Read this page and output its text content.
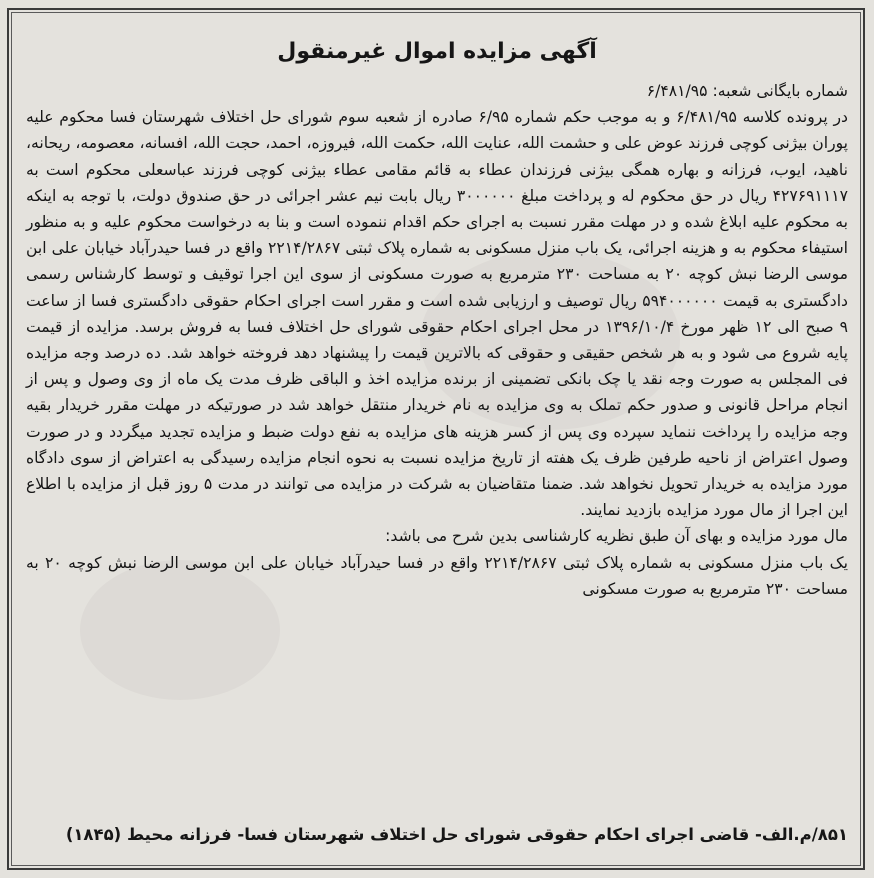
آگهی مزایده اموال غیرمنقول

شماره بایگانی شعبه: ۶/۴۸۱/۹۵

در پرونده کلاسه ۶/۴۸۱/۹۵ و به موجب حکم شماره ۶/۹۵ صادره از شعبه سوم شورای حل اختلاف شهرستان فسا محکوم علیه پوران بیژنی کوچی فرزند عوض علی و حشمت الله، عنایت الله، حکمت الله، فیروزه، احمد، حجت الله، افسانه، معصومه، ریحانه، ناهید، ایوب، فرزانه و بهاره همگی بیژنی فرزندان عطاء به قائم مقامی عطاء بیژنی کوچی فرزند عباسعلی محکوم است به ۴۲۷۶۹۱۱۱۷ ریال در حق محکوم له و پرداخت مبلغ ۳۰۰۰۰۰۰ ریال بابت نیم عشر اجرائی در حق صندوق دولت، با توجه به اینکه به محکوم علیه ابلاغ شده و در مهلت مقرر نسبت به اجرای حکم اقدام ننموده است و بنا به درخواست محکوم علیه و به منظور استیفاء محکوم به و هزینه اجرائی، یک باب منزل مسکونی به شماره پلاک ثبتی ۲۲۱۴/۲۸۶۷ واقع در فسا حیدرآباد خیابان علی ابن موسی الرضا نبش کوچه ۲۰ به مساحت ۲۳۰ مترمربع به صورت مسکونی از سوی این اجرا توقیف و توسط کارشناس رسمی دادگستری به قیمت ۵۹۴۰۰۰۰۰۰ ریال توصیف و ارزیابی شده است و مقرر است اجرای احکام حقوقی دادگستری فسا از ساعت ۹ صبح الی ۱۲ ظهر مورخ ۱۳۹۶/۱۰/۴ در محل اجرای احکام حقوقی شورای حل اختلاف فسا به فروش برسد. مزایده از قیمت پایه شروع می شود و به هر شخص حقیقی و حقوقی که بالاترین قیمت را پیشنهاد دهد فروخته خواهد شد. ده درصد وجه مزایده فی المجلس به صورت وجه نقد یا چک بانکی تضمینی از برنده مزایده اخذ و الباقی ظرف مدت یک ماه از وی وصول و پس از انجام مراحل قانونی و صدور حکم تملک به وی مزایده به نام خریدار منتقل خواهد شد در صورتیکه در مهلت مقرر خریدار بقیه وجه مزایده را پرداخت ننماید سپرده وی پس از کسر هزینه های مزایده به نفع دولت ضبط و مزایده تجدید میگردد و در صورت وصول اعتراض از ناحیه طرفین ظرف یک هفته از تاریخ مزایده نسبت به نحوه انجام مزایده رسیدگی به اعتراض از سوی دادگاه مورد مزایده به خریدار تحویل نخواهد شد. ضمنا متقاضیان به شرکت در مزایده می توانند در مدت ۵ روز قبل از مزایده با اطلاع این اجرا از مال مورد مزایده بازدید نمایند.

مال مورد مزایده و بهای آن طبق نظریه کارشناسی بدین شرح می باشد:

یک باب منزل مسکونی به شماره پلاک ثبتی ۲۲۱۴/۲۸۶۷ واقع در فسا حیدرآباد خیابان علی ابن موسی الرضا نبش کوچه ۲۰ به مساحت ۲۳۰ مترمربع به صورت مسکونی

۸۵۱/م.الف- قاضی اجرای احکام حقوقی شورای حل اختلاف شهرستان فسا- فرزانه محیط (۱۸۴۵)
